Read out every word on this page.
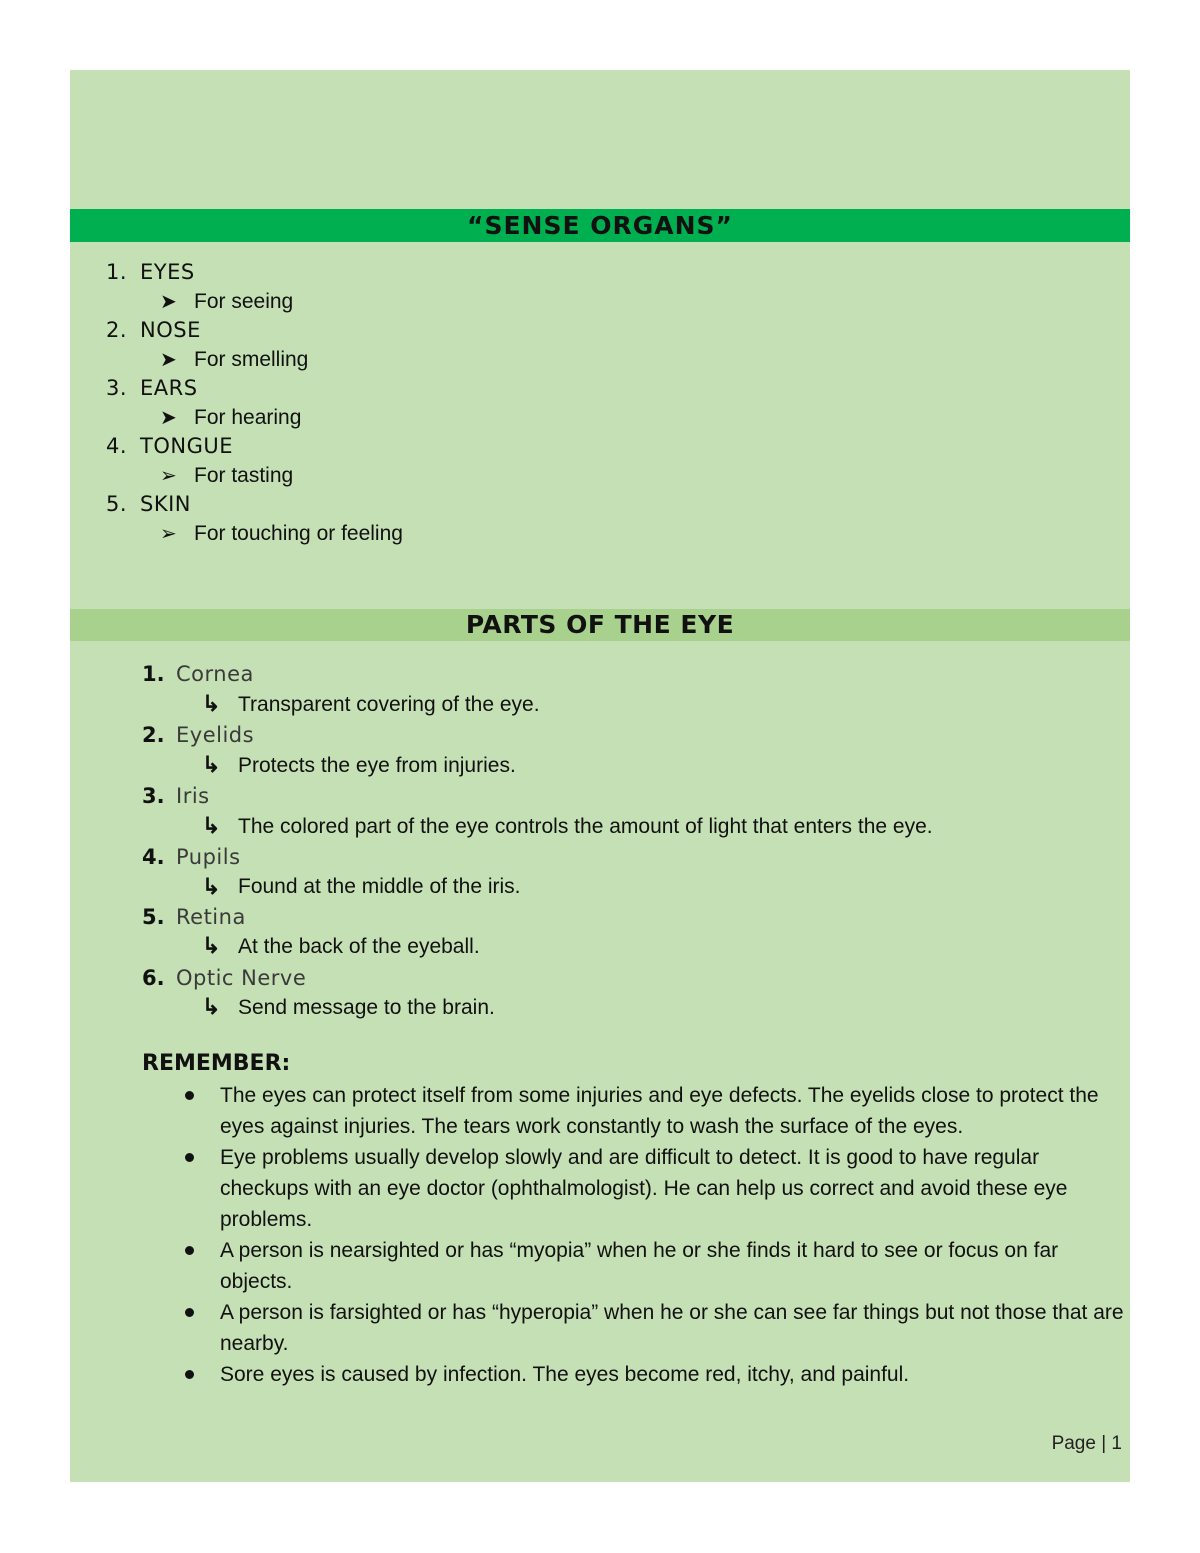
“SENSE ORGANS”
1. EYES
➤ For seeing
2. NOSE
➤ For smelling
3. EARS
➤ For hearing
4. TONGUE
➢ For tasting
5. SKIN
➢ For touching or feeling
PARTS OF THE EYE
1. Cornea
↳ Transparent covering of the eye.
2. Eyelids
↳ Protects the eye from injuries.
3. Iris
↳ The colored part of the eye controls the amount of light that enters the eye.
4. Pupils
↳ Found at the middle of the iris.
5. Retina
↳ At the back of the eyeball.
6. Optic Nerve
↳ Send message to the brain.
REMEMBER:
The eyes can protect itself from some injuries and eye defects. The eyelids close to protect the eyes against injuries. The tears work constantly to wash the surface of the eyes.
Eye problems usually develop slowly and are difficult to detect. It is good to have regular checkups with an eye doctor (ophthalmologist). He can help us correct and avoid these eye problems.
A person is nearsighted or has “myopia” when he or she finds it hard to see or focus on far objects.
A person is farsighted or has “hyperopia” when he or she can see far things but not those that are nearby.
Sore eyes is caused by infection. The eyes become red, itchy, and painful.
Page | 1
